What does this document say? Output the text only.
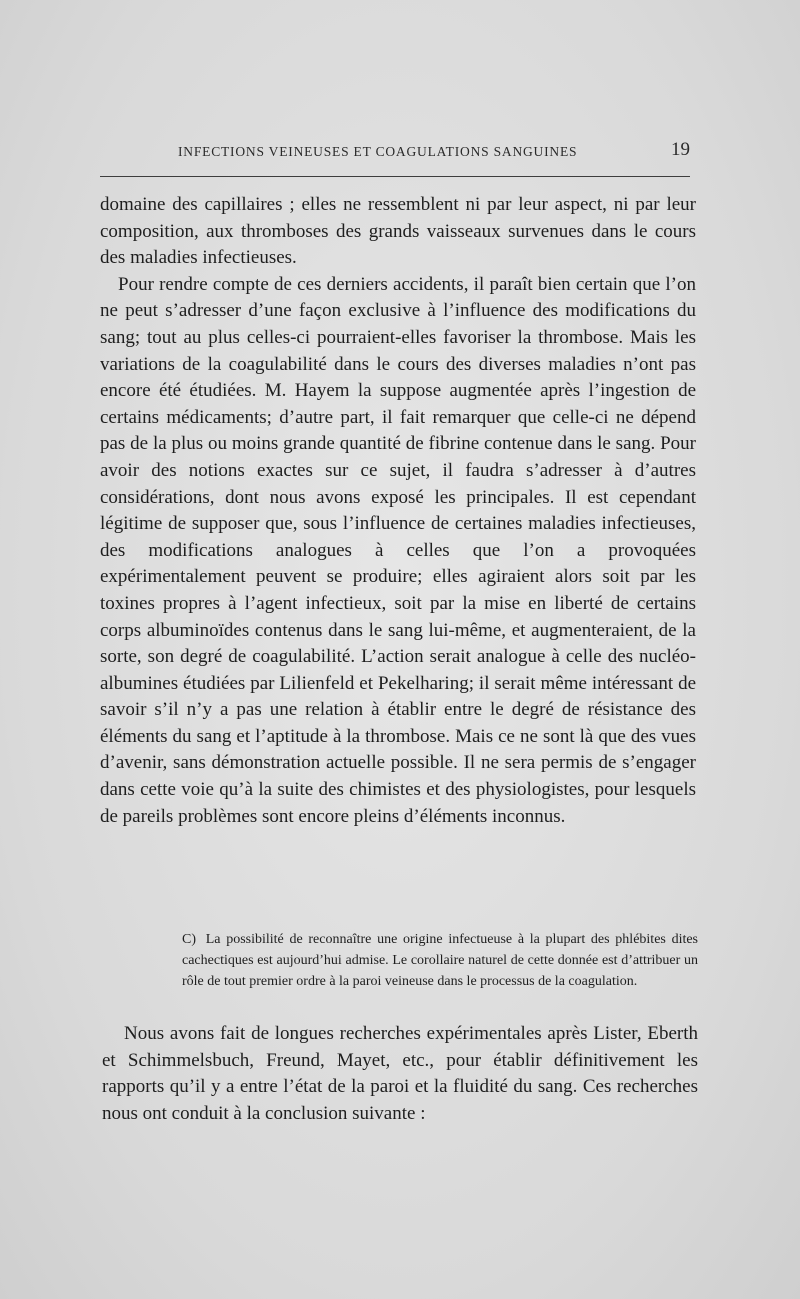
INFECTIONS VEINEUSES ET COAGULATIONS SANGUINES	19

domaine des capillaires ; elles ne ressemblent ni par leur aspect, ni par leur composition, aux thromboses des grands vaisseaux survenues dans le cours des maladies infectieuses.

Pour rendre compte de ces derniers accidents, il paraît bien certain que l’on ne peut s’adresser d’une façon exclusive à l’influence des modifications du sang; tout au plus celles-ci pourraient-elles favoriser la thrombose. Mais les variations de la coagulabilité dans le cours des diverses maladies n’ont pas encore été étudiées. M. Hayem la suppose augmentée après l’ingestion de certains médicaments; d’autre part, il fait remarquer que celle-ci ne dépend pas de la plus ou moins grande quantité de fibrine contenue dans le sang. Pour avoir des notions exactes sur ce sujet, il faudra s’adresser à d’autres considérations, dont nous avons exposé les principales. Il est cependant légitime de supposer que, sous l’influence de certaines maladies infectieuses, des modifications analogues à celles que l’on a provoquées expérimentalement peuvent se produire; elles agiraient alors soit par les toxines propres à l’agent infectieux, soit par la mise en liberté de certains corps albuminoïdes contenus dans le sang lui-même, et augmenteraient, de la sorte, son degré de coagulabilité. L’action serait analogue à celle des nucléo-albumines étudiées par Lilienfeld et Pekelharing; il serait même intéressant de savoir s’il n’y a pas une relation à établir entre le degré de résistance des éléments du sang et l’aptitude à la thrombose. Mais ce ne sont là que des vues d’avenir, sans démonstration actuelle possible. Il ne sera permis de s’engager dans cette voie qu’à la suite des chimistes et des physiologistes, pour lesquels de pareils problèmes sont encore pleins d’éléments inconnus.

C) La possibilité de reconnaître une origine infectueuse à la plupart des phlébites dites cachectiques est aujourd’hui admise. Le corollaire naturel de cette donnée est d’attribuer un rôle de tout premier ordre à la paroi veineuse dans le processus de la coagulation.

Nous avons fait de longues recherches expérimentales après Lister, Eberth et Schimmelsbuch, Freund, Mayet, etc., pour établir définitivement les rapports qu’il y a entre l’état de la paroi et la fluidité du sang. Ces recherches nous ont conduit à la conclusion suivante :
